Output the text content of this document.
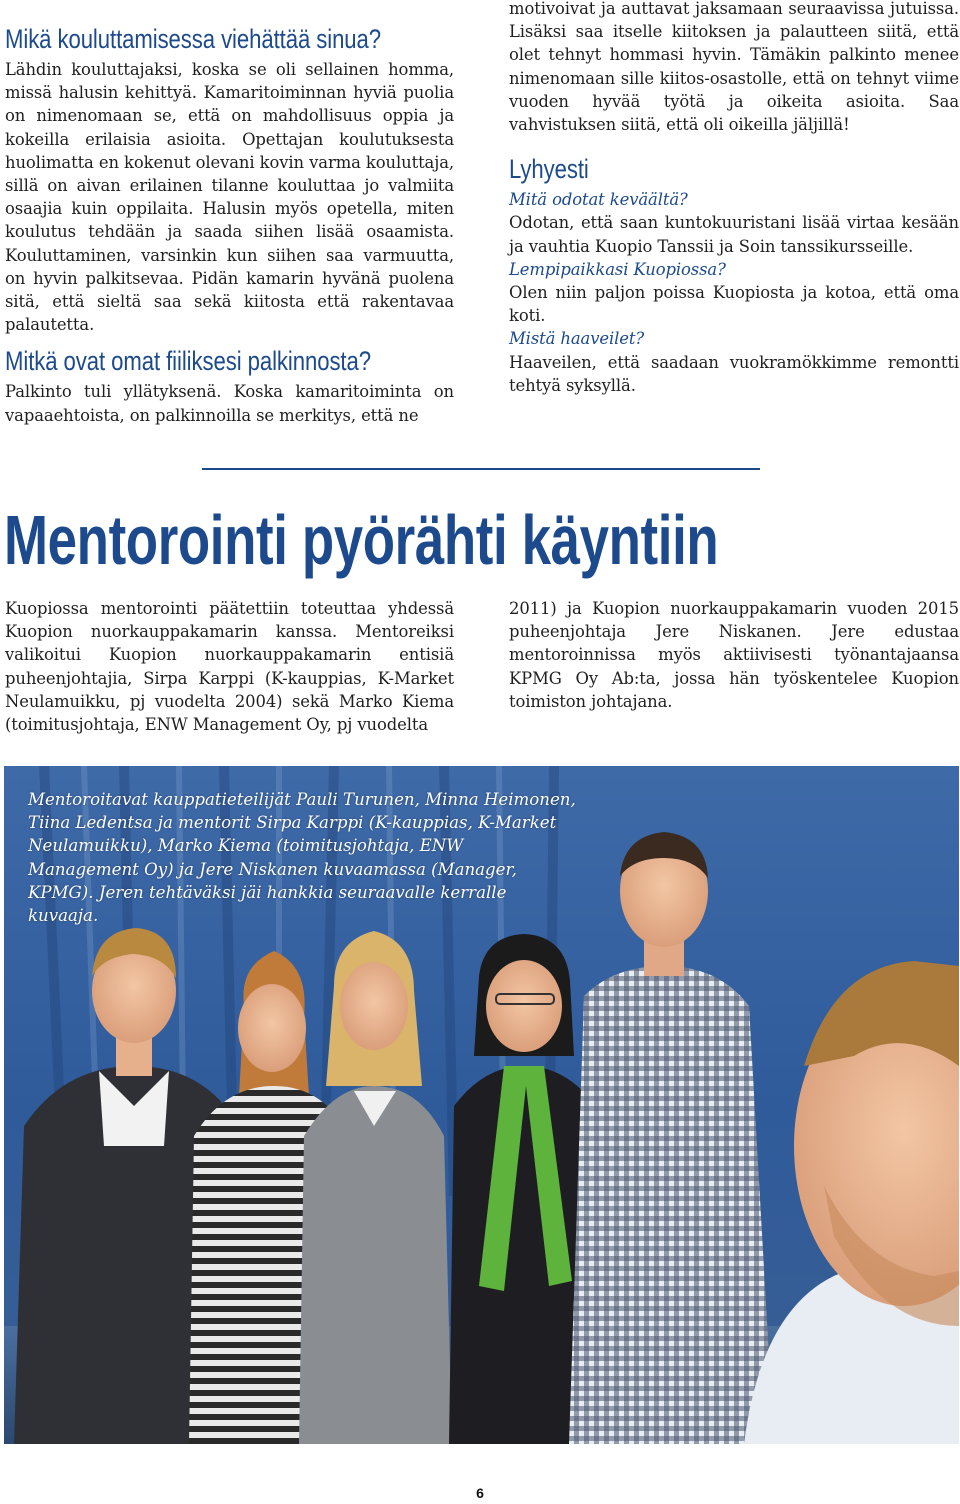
Mikä kouluttamisessa viehättää sinua?

Lähdin kouluttajaksi, koska se oli sellainen homma, missä halusin kehittyä. Kamaritoiminnan hyviä puolia on nimenomaan se, että on mahdollisuus oppia ja kokeilla erilaisia asioita. Opettajan koulutuksesta huolimatta en kokenut olevani kovin varma kouluttaja, sillä on aivan erilainen tilanne kouluttaa jo valmiita osaajia kuin oppilaita. Halusin myös opetella, miten koulutus tehdään ja saada siihen lisää osaamista. Kouluttaminen, varsinkin kun siihen saa varmuutta, on hyvin palkitsevaa. Pidän kamarin hyvänä puolena sitä, että sieltä saa sekä kiitosta että rakentavaa palautetta.

Mitkä ovat omat fiiliksesi palkinnosta?

Palkinto tuli yllätyksenä. Koska kamaritoiminta on vapaaehtoista, on palkinnoilla se merkitys, että ne

motivoivat ja auttavat jaksamaan seuraavissa jutuissa. Lisäksi saa itselle kiitoksen ja palautteen siitä, että olet tehnyt hommasi hyvin. Tämäkin palkinto menee nimenomaan sille kiitos-osastolle, että on tehnyt viime vuoden hyvää työtä ja oikeita asioita. Saa vahvistuksen siitä, että oli oikeilla jäljillä!

Lyhyesti

Mitä odotat keväältä?

Odotan, että saan kuntokuuristani lisää virtaa kesään ja vauhtia Kuopio Tanssii ja Soin tanssikursseille.

Lempipaikkasi Kuopiossa?

Olen niin paljon poissa Kuopiosta ja kotoa, että oma koti.

Mistä haaveilet?

Haaveilen, että saadaan vuokramökkimme remontti tehtyä syksyllä.

Mentorointi pyörähti käyntiin

Kuopiossa mentorointi päätettiin toteuttaa yhdessä Kuopion nuorkauppakamarin kanssa. Mentoreiksi valikoitui Kuopion nuorkauppakamarin entisiä puheenjohtajia, Sirpa Karppi (K-kauppias, K-Market Neulamuikku, pj vuodelta 2004) sekä Marko Kiema (toimitusjohtaja, ENW Management Oy, pj vuodelta

2011) ja Kuopion nuorkauppakamarin vuoden 2015 puheenjohtaja Jere Niskanen. Jere edustaa mentoroinnissa myös aktiivisesti työnantajaansa KPMG Oy Ab:ta, jossa hän työskentelee Kuopion toimiston johtajana.

Mentoroitavat kauppatieteilijät Pauli Turunen, Minna Heimonen, Tiina Ledentsa ja mentorit Sirpa Karppi (K-kauppias, K-Market Neulamuikku), Marko Kiema (toimitusjohtaja, ENW Management Oy) ja Jere Niskanen kuvaamassa (Manager, KPMG). Jeren tehtäväksi jäi hankkia seuraavalle kerralle kuvaaja.
6
